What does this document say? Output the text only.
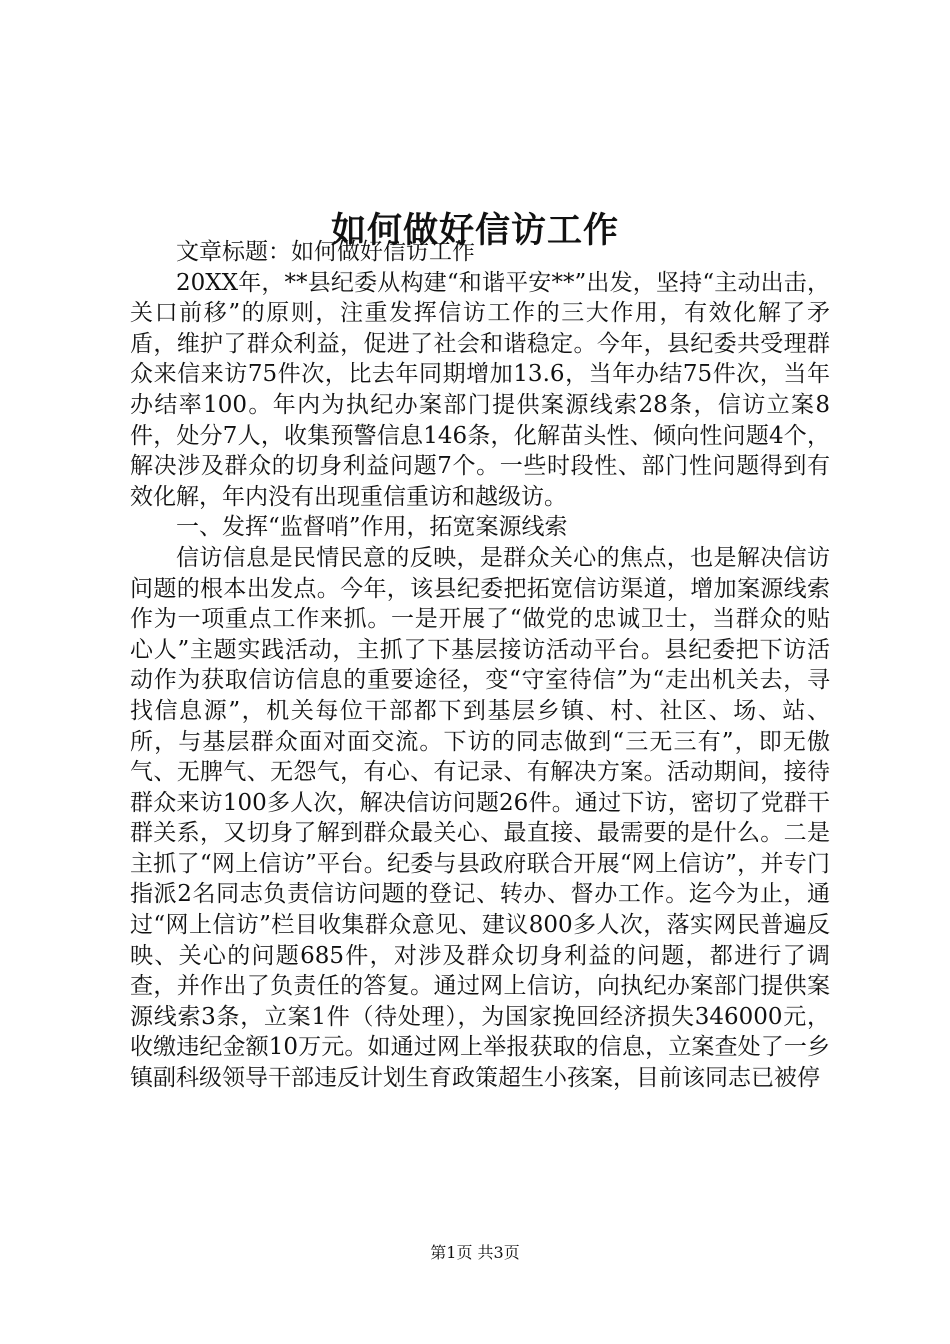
如何做好信访工作

文章标题：如何做好信访工作

20XX年，**县纪委从构建“和谐平安**”出发，坚持“主动出击，关口前移”的原则，注重发挥信访工作的三大作用，有效化解了矛盾，维护了群众利益，促进了社会和谐稳定。今年，县纪委共受理群众来信来访75件次，比去年同期增加13.6，当年办结75件次，当年办结率100。年内为执纪办案部门提供案源线索28条，信访立案8件，处分7人，收集预警信息146条，化解苗头性、倾向性问题4个，解决涉及群众的切身利益问题7个。一些时段性、部门性问题得到有效化解，年内没有出现重信重访和越级访。

一、发挥“监督哨”作用，拓宽案源线索

信访信息是民情民意的反映，是群众关心的焦点，也是解决信访问题的根本出发点。今年，该县纪委把拓宽信访渠道，增加案源线索作为一项重点工作来抓。一是开展了“做党的忠诚卫士，当群众的贴心人”主题实践活动，主抓了下基层接访活动平台。县纪委把下访活动作为获取信访信息的重要途径，变“守室待信”为“走出机关去，寻找信息源”，机关每位干部都下到基层乡镇、村、社区、场、站、所，与基层群众面对面交流。下访的同志做到“三无三有”，即无傲气、无脾气、无怨气，有心、有记录、有解决方案。活动期间，接待群众来访100多人次，解决信访问题26件。通过下访，密切了党群干群关系，又切身了解到群众最关心、最直接、最需要的是什么。二是主抓了“网上信访”平台。纪委与县政府联合开展“网上信访”，并专门指派2名同志负责信访问题的登记、转办、督办工作。迄今为止，通过“网上信访”栏目收集群众意见、建议800多人次，落实网民普遍反映、关心的问题685件，对涉及群众切身利益的问题，都进行了调查，并作出了负责任的答复。通过网上信访，向执纪办案部门提供案源线索3条，立案1件（待处理），为国家挽回经济损失346000元，收缴违纪金额10万元。如通过网上举报获取的信息，立案查处了一乡镇副科级领导干部违反计划生育政策超生小孩案，目前该同志已被停

第1页 共3页
